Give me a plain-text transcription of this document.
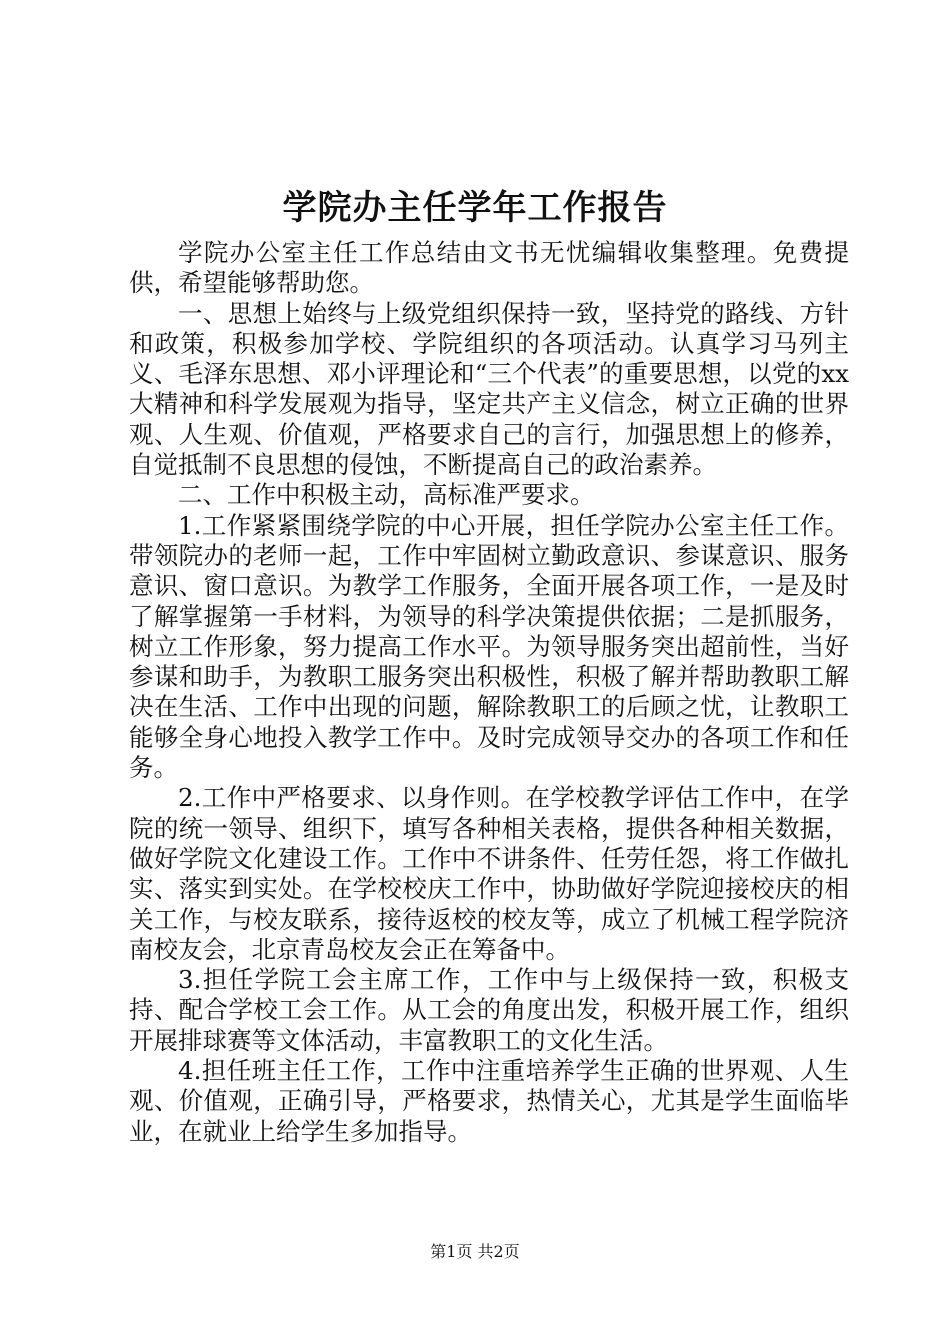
学院办主任学年工作报告

学院办公室主任工作总结由文书无忧编辑收集整理。免费提供，希望能够帮助您。

一、思想上始终与上级党组织保持一致，坚持党的路线、方针和政策，积极参加学校、学院组织的各项活动。认真学习马列主义、毛泽东思想、邓小评理论和“三个代表”的重要思想，以党的xx大精神和科学发展观为指导，坚定共产主义信念，树立正确的世界观、人生观、价值观，严格要求自己的言行，加强思想上的修养，自觉抵制不良思想的侵蚀，不断提高自己的政治素养。

二、工作中积极主动，高标准严要求。

1.工作紧紧围绕学院的中心开展，担任学院办公室主任工作。带领院办的老师一起，工作中牢固树立勤政意识、参谋意识、服务意识、窗口意识。为教学工作服务，全面开展各项工作，一是及时了解掌握第一手材料，为领导的科学决策提供依据；二是抓服务，树立工作形象，努力提高工作水平。为领导服务突出超前性，当好参谋和助手，为教职工服务突出积极性，积极了解并帮助教职工解决在生活、工作中出现的问题，解除教职工的后顾之忧，让教职工能够全身心地投入教学工作中。及时完成领导交办的各项工作和任务。

2.工作中严格要求、以身作则。在学校教学评估工作中，在学院的统一领导、组织下，填写各种相关表格，提供各种相关数据，做好学院文化建设工作。工作中不讲条件、任劳任怨，将工作做扎实、落实到实处。在学校校庆工作中，协助做好学院迎接校庆的相关工作，与校友联系，接待返校的校友等，成立了机械工程学院济南校友会，北京青岛校友会正在筹备中。

3.担任学院工会主席工作，工作中与上级保持一致，积极支持、配合学校工会工作。从工会的角度出发，积极开展工作，组织开展排球赛等文体活动，丰富教职工的文化生活。

4.担任班主任工作，工作中注重培养学生正确的世界观、人生观、价值观，正确引导，严格要求，热情关心，尤其是学生面临毕业，在就业上给学生多加指导。

第1页 共2页
